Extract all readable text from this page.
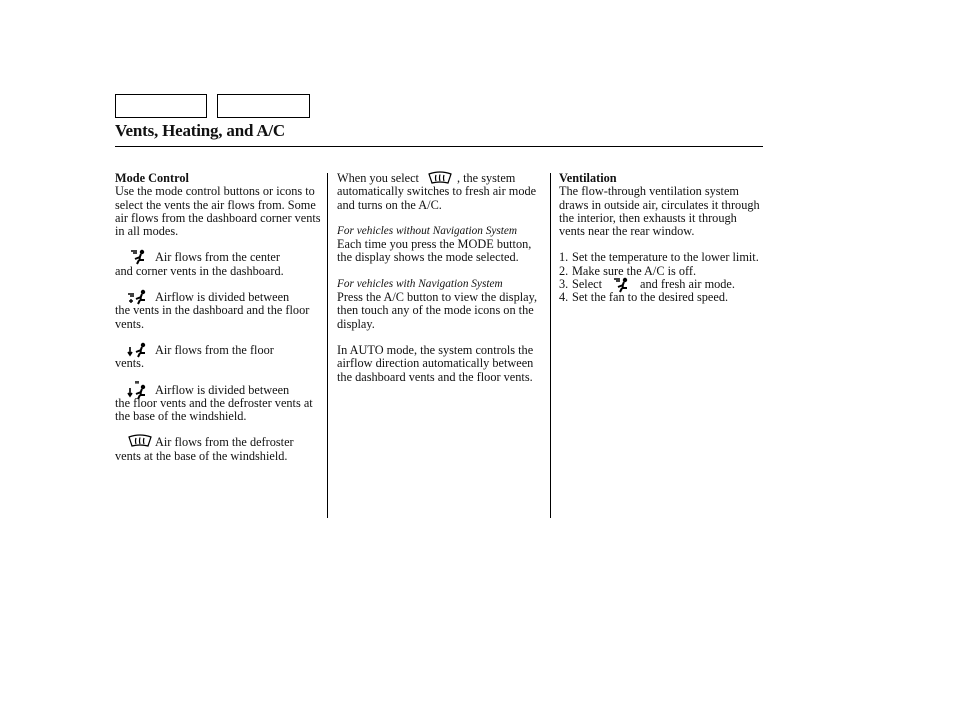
Vents, Heating, and A/C
Mode Control

Use the mode control buttons or icons to select the vents the air flows from. Some air flows from the dashboard corner vents in all modes.

Air flows from the center
and corner vents in the dashboard.

Airflow is divided between
the vents in the dashboard and the floor vents.

Air flows from the floor
vents.

Airflow is divided between
the floor vents and the defroster vents at the base of the windshield.

Air flows from the defroster
vents at the base of the windshield.

When you select	, the system automatically switches to fresh air mode and turns on the A/C.

For vehicles without Navigation System

Each time you press the MODE button, the display shows the mode selected.

For vehicles with Navigation System

Press the A/C button to view the display, then touch any of the mode icons on the display.

In AUTO mode, the system controls the airflow direction automatically between the dashboard vents and the floor vents.

Ventilation

The flow-through ventilation system draws in outside air, circulates it through the interior, then exhausts it through vents near the rear window.

1. Set the temperature to the lower limit.
2. Make sure the A/C is off.
3. Select	and fresh air mode.
4. Set the fan to the desired speed.
